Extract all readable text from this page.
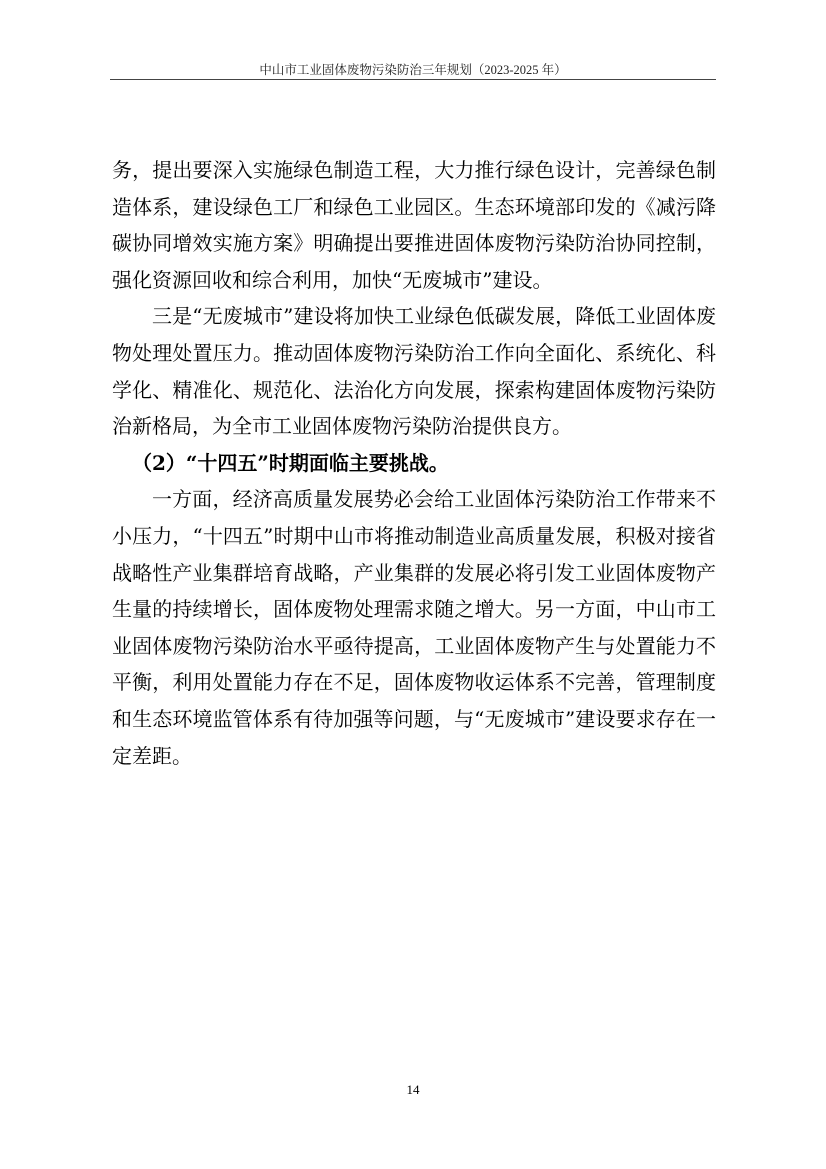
中山市工业固体废物污染防治三年规划（2023-2025 年）

务，提出要深入实施绿色制造工程，大力推行绿色设计，完善绿色制造体系，建设绿色工厂和绿色工业园区。生态环境部印发的《减污降碳协同增效实施方案》明确提出要推进固体废物污染防治协同控制，强化资源回收和综合利用，加快“无废城市”建设。

三是“无废城市”建设将加快工业绿色低碳发展，降低工业固体废物处理处置压力。推动固体废物污染防治工作向全面化、系统化、科学化、精准化、规范化、法治化方向发展，探索构建固体废物污染防治新格局，为全市工业固体废物污染防治提供良方。

（2）“十四五”时期面临主要挑战。

一方面，经济高质量发展势必会给工业固体污染防治工作带来不小压力，“十四五”时期中山市将推动制造业高质量发展，积极对接省战略性产业集群培育战略，产业集群的发展必将引发工业固体废物产生量的持续增长，固体废物处理需求随之增大。另一方面，中山市工业固体废物污染防治水平亟待提高，工业固体废物产生与处置能力不平衡，利用处置能力存在不足，固体废物收运体系不完善，管理制度和生态环境监管体系有待加强等问题，与“无废城市”建设要求存在一定差距。

14
